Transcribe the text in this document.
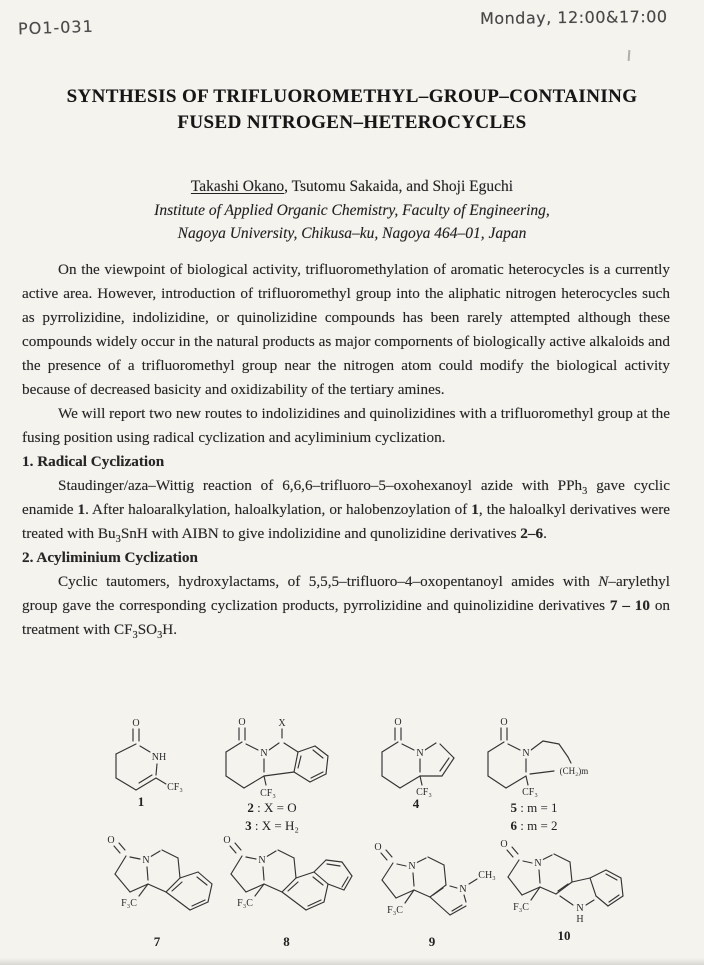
PO1-031	Monday, 12:00&17:00
SYNTHESIS OF TRIFLUOROMETHYL–GROUP–CONTAINING
FUSED NITROGEN–HETEROCYCLES
Takashi Okano, Tsutomu Sakaida, and Shoji Eguchi
Institute of Applied Organic Chemistry, Faculty of Engineering,
Nagoya University, Chikusa–ku, Nagoya 464–01, Japan

On the viewpoint of biological activity, trifluoromethylation of aromatic heterocycles is a currently active area. However, introduction of trifluoromethyl group into the aliphatic nitrogen heterocycles such as pyrrolizidine, indolizidine, or quinolizidine compounds has been rarely attempted although these compounds widely occur in the natural products as major compornents of biologically active alkaloids and the presence of a trifluoromethyl group near the nitrogen atom could modify the biological activity because of decreased basicity and oxidizability of the tertiary amines.

We will report two new routes to indolizidines and quinolizidines with a trifluoromethyl group at the fusing position using radical cyclization and acyliminium cyclization.

1. Radical Cyclization

Staudinger/aza–Wittig reaction of 6,6,6–trifluoro–5–oxohexanoyl azide with PPh$_3$ gave cyclic enamide 1. After haloaralkylation, haloalkylation, or halobenzoylation of 1, the haloalkyl derivatives were treated with $Bu_3SnH$ with AIBN to give indolizidine and qunolizidine derivatives 2–6.

2. Acyliminium Cyclization

Cyclic tautomers, hydroxylactams, of 5,5,5–trifluoro–4–oxopentanoyl amides with N–arylethyl group gave the corresponding cyclization products, pyrrolizidine and quinolizidine derivatives 7 – 10 on treatment with $CF_3SO_3H$.

O
NH
CF₃
1
O	X
N
CF₃
2 : X = O
3 : X = H₂
O
N
CF₃
4
O
N
(CH₂)m
CF₃
5 : m = 1
6 : m = 2
O
N
F₃C
7
O
N
F₃C
8
O
N
N
CH₃
F₃C
9
O
N
N
H
F₃C
10
